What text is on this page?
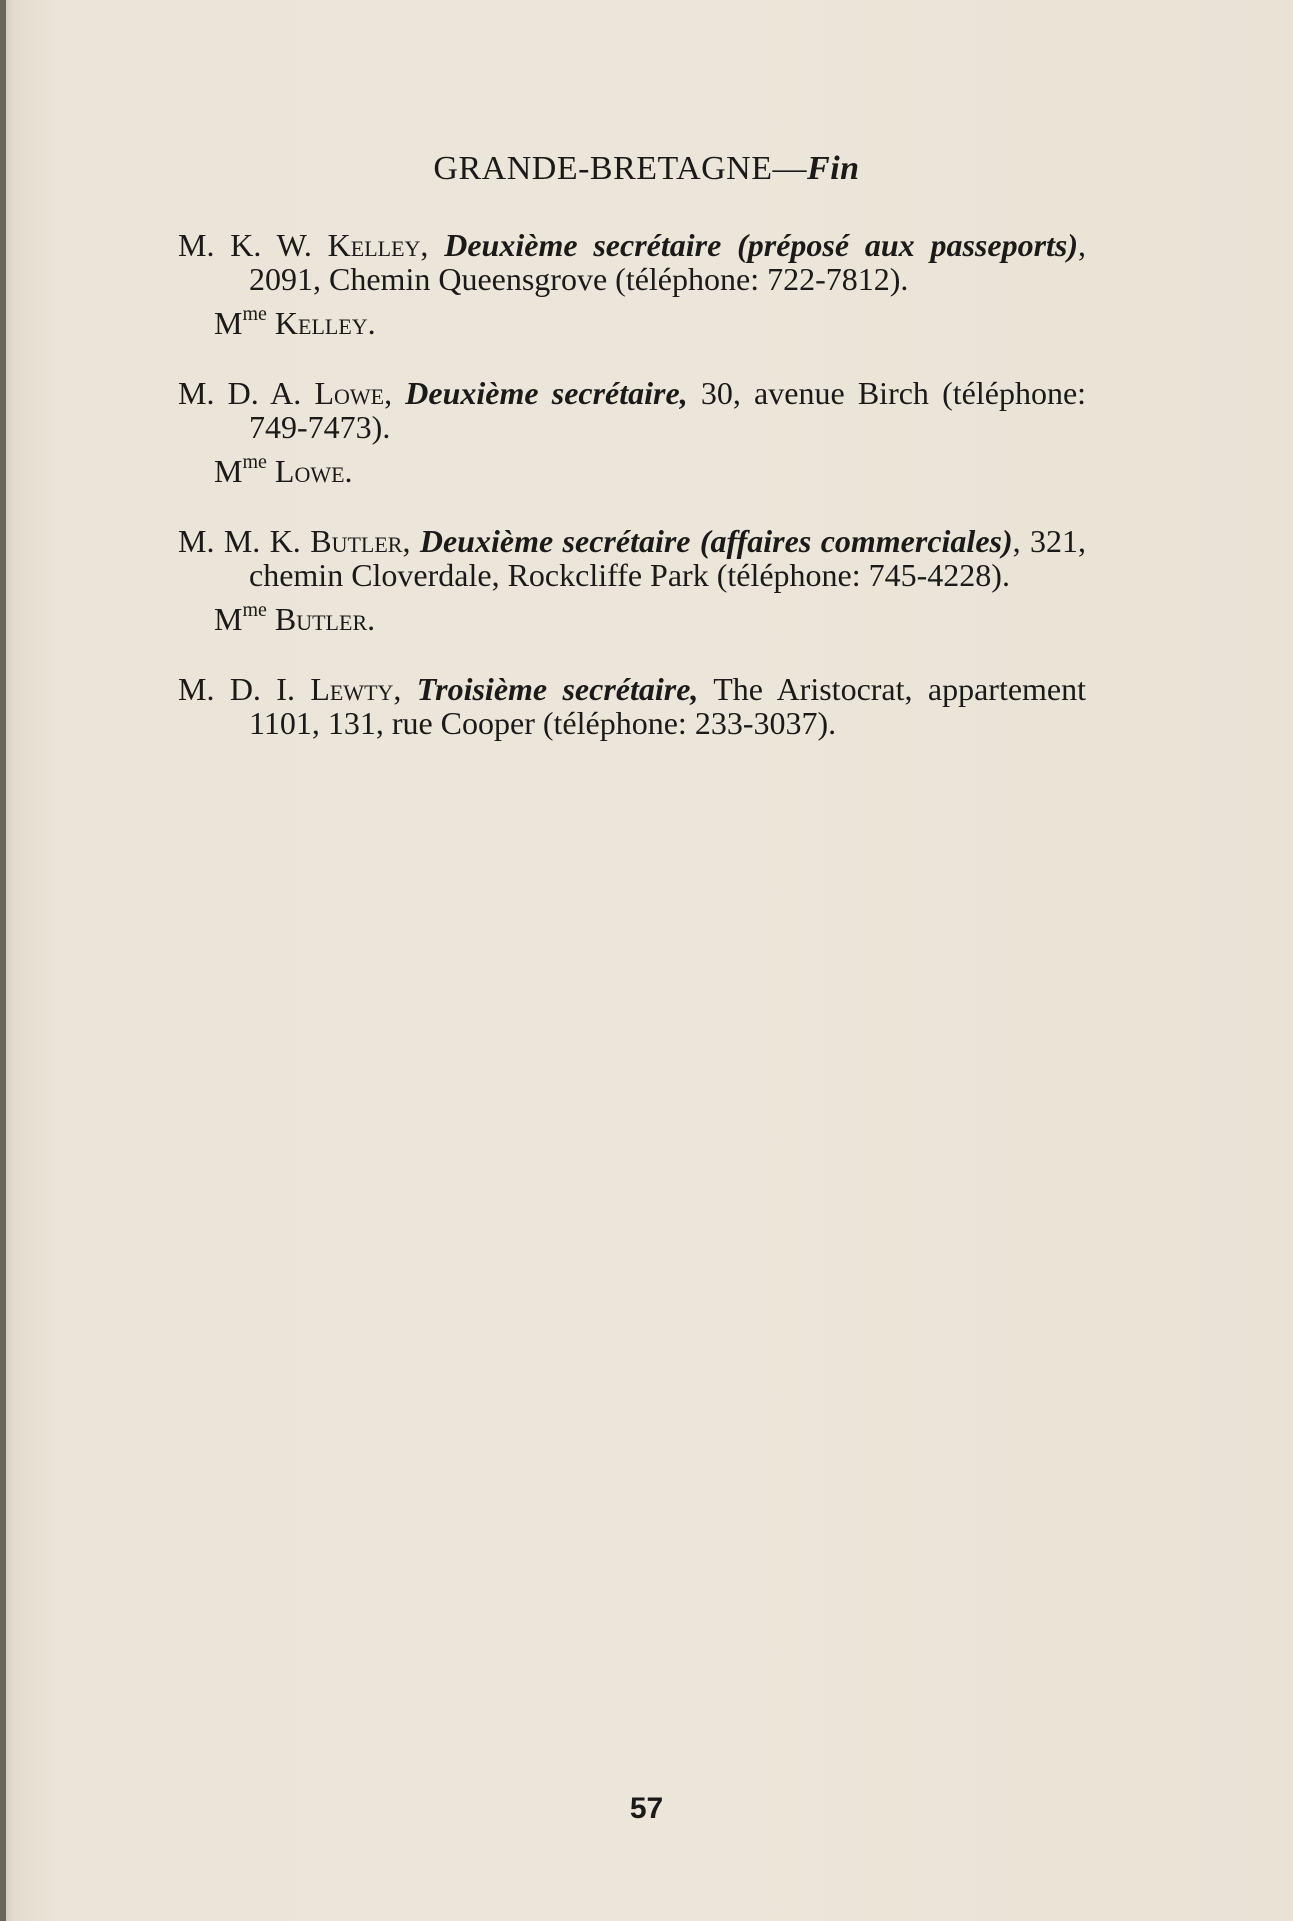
GRANDE-BRETAGNE—Fin

M. K. W. Kelley, Deuxième secrétaire (préposé aux passeports), 2091, Chemin Queensgrove (téléphone: 722-7812).

$M^{me}$ Kelley.

M. D. A. Lowe, Deuxième secrétaire, 30, avenue Birch (téléphone: 749-7473).

$M^{me}$ Lowe.

M. M. K. Butler, Deuxième secrétaire (affaires commerciales), 321, chemin Cloverdale, Rockcliffe Park (téléphone: 745-4228).

$M^{me}$ Butler.

M. D. I. Lewty, Troisième secrétaire, The Aristocrat, appartement 1101, 131, rue Cooper (téléphone: 233-3037).

57
